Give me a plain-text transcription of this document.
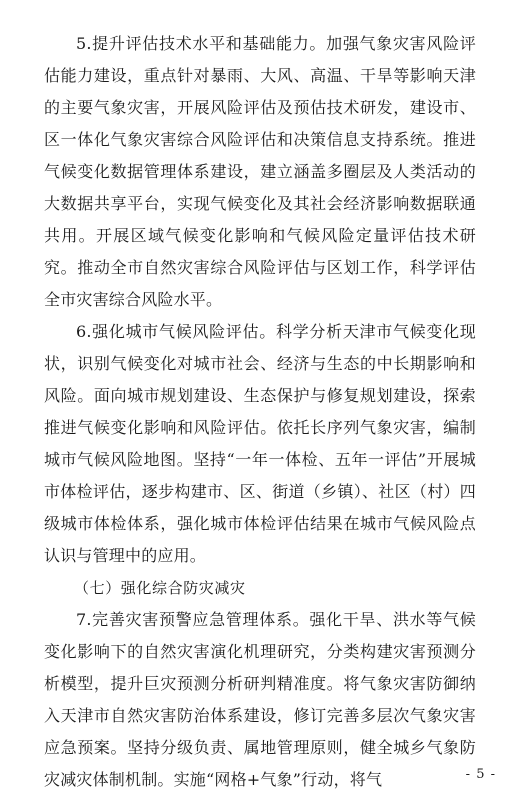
5.提升评估技术水平和基础能力。加强气象灾害风险评估能力建设，重点针对暴雨、大风、高温、干旱等影响天津的主要气象灾害，开展风险评估及预估技术研发，建设市、区一体化气象灾害综合风险评估和决策信息支持系统。推进气候变化数据管理体系建设，建立涵盖多圈层及人类活动的大数据共享平台，实现气候变化及其社会经济影响数据联通共用。开展区域气候变化影响和气候风险定量评估技术研究。推动全市自然灾害综合风险评估与区划工作，科学评估全市灾害综合风险水平。

6.强化城市气候风险评估。科学分析天津市气候变化现状，识别气候变化对城市社会、经济与生态的中长期影响和风险。面向城市规划建设、生态保护与修复规划建设，探索推进气候变化影响和风险评估。依托长序列气象灾害，编制城市气候风险地图。坚持“一年一体检、五年一评估”开展城市体检评估，逐步构建市、区、街道（乡镇）、社区（村）四级城市体检体系，强化城市体检评估结果在城市气候风险点认识与管理中的应用。

（七）强化综合防灾减灾

7.完善灾害预警应急管理体系。强化干旱、洪水等气候变化影响下的自然灾害演化机理研究，分类构建灾害预测分析模型，提升巨灾预测分析研判精准度。将气象灾害防御纳入天津市自然灾害防治体系建设，修订完善多层次气象灾害应急预案。坚持分级负责、属地管理原则，健全城乡气象防灾减灾体制机制。实施“网格+气象”行动，将气	- 5 -
